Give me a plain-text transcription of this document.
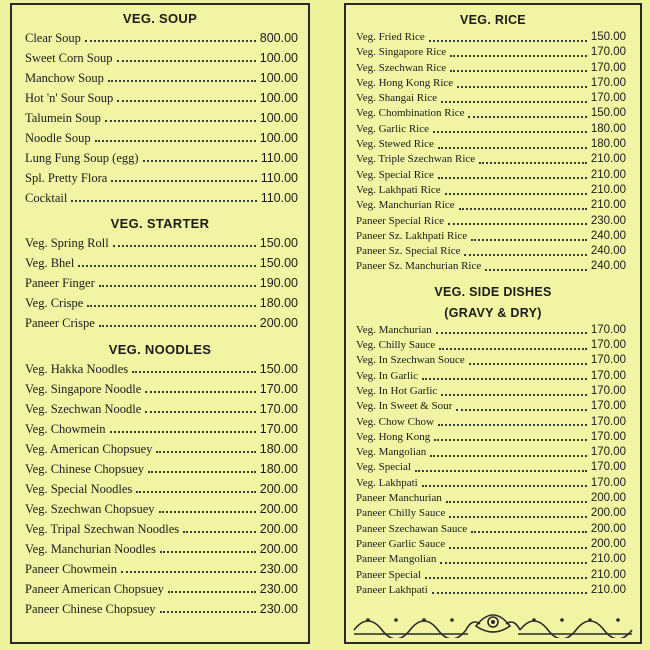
VEG. SOUP
Clear Soup	800.00
Sweet Corn Soup	100.00
Manchow Soup	100.00
Hot 'n' Sour Soup	100.00
Talumein Soup	100.00
Noodle Soup	100.00
Lung Fung Soup (egg)	110.00
Spl. Pretty Flora	110.00
Cocktail	110.00
VEG. STARTER
Veg. Spring Roll	150.00
Veg. Bhel	150.00
Paneer Finger	190.00
Veg. Crispe	180.00
Paneer Crispe	200.00
VEG. NOODLES
Veg. Hakka Noodles	150.00
Veg. Singapore Noodle	170.00
Veg. Szechwan Noodle	170.00
Veg. Chowmein	170.00
Veg. American Chopsuey	180.00
Veg. Chinese Chopsuey	180.00
Veg. Special Noodles	200.00
Veg. Szechwan Chopsuey	200.00
Veg. Tripal Szechwan Noodles	200.00
Veg. Manchurian Noodles	200.00
Paneer Chowmein	230.00
Paneer American Chopsuey	230.00
Paneer Chinese Chopsuey	230.00
VEG. RICE
Veg. Fried Rice	150.00
Veg. Singapore Rice	170.00
Veg. Szechwan Rice	170.00
Veg. Hong Kong Rice	170.00
Veg. Shangai Rice	170.00
Veg. Chombination Rice	150.00
Veg. Garlic Rice	180.00
Veg. Stewed Rice	180.00
Veg. Triple Szechwan Rice	210.00
Veg. Special Rice	210.00
Veg. Lakhpati Rice	210.00
Veg. Manchurian Rice	210.00
Paneer Special Rice	230.00
Paneer Sz. Lakhpati Rice	240.00
Paneer Sz. Special Rice	240.00
Paneer Sz. Manchurian Rice	240.00
VEG. SIDE DISHES
(GRAVY & DRY)
Veg. Manchurian	170.00
Veg. Chilly Sauce	170.00
Veg. In Szechwan Souce	170.00
Veg. In Garlic	170.00
Veg. In Hot Garlic	170.00
Veg. In Sweet & Sour	170.00
Veg. Chow Chow	170.00
Veg. Hong Kong	170.00
Veg. Mangolian	170.00
Veg. Special	170.00
Veg. Lakhpati	170.00
Paneer Manchurian	200.00
Paneer Chilly Sauce	200.00
Paneer Szechawan Sauce	200.00
Paneer Garlic Sauce	200.00
Paneer Mangolian	210.00
Paneer Special	210.00
Paneer Lakhpati	210.00
